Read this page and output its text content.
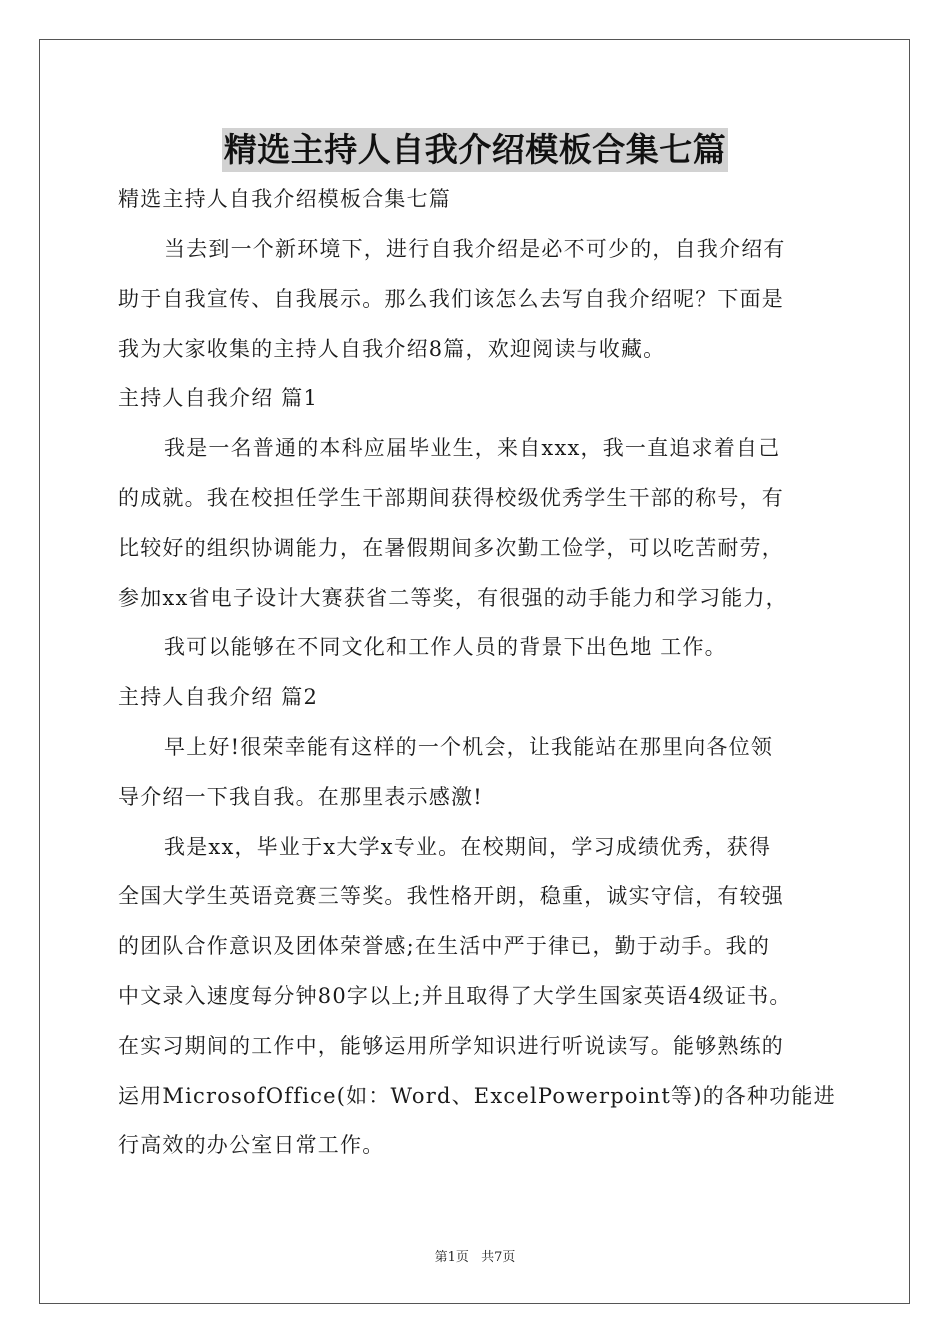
精选主持人自我介绍模板合集七篇
精选主持人自我介绍模板合集七篇
当去到一个新环境下，进行自我介绍是必不可少的，自我介绍有
助于自我宣传、自我展示。那么我们该怎么去写自我介绍呢？下面是
我为大家收集的主持人自我介绍8篇，欢迎阅读与收藏。
主持人自我介绍 篇1
我是一名普通的本科应届毕业生，来自xxx，我一直追求着自己
的成就。我在校担任学生干部期间获得校级优秀学生干部的称号，有
比较好的组织协调能力，在暑假期间多次勤工俭学，可以吃苦耐劳，
参加xx省电子设计大赛获省二等奖，有很强的动手能力和学习能力，
我可以能够在不同文化和工作人员的背景下出色地 工作。
主持人自我介绍 篇2
早上好!很荣幸能有这样的一个机会，让我能站在那里向各位领
导介绍一下我自我。在那里表示感激!
我是xx，毕业于x大学x专业。在校期间，学习成绩优秀，获得
全国大学生英语竞赛三等奖。我性格开朗，稳重，诚实守信，有较强
的团队合作意识及团体荣誉感;在生活中严于律已，勤于动手。我的
中文录入速度每分钟80字以上;并且取得了大学生国家英语4级证书。
在实习期间的工作中，能够运用所学知识进行听说读写。能够熟练的
运用MicrosofOffice(如：Word、ExcelPowerpoint等)的各种功能进
行高效的办公室日常工作。
第1页 共7页
